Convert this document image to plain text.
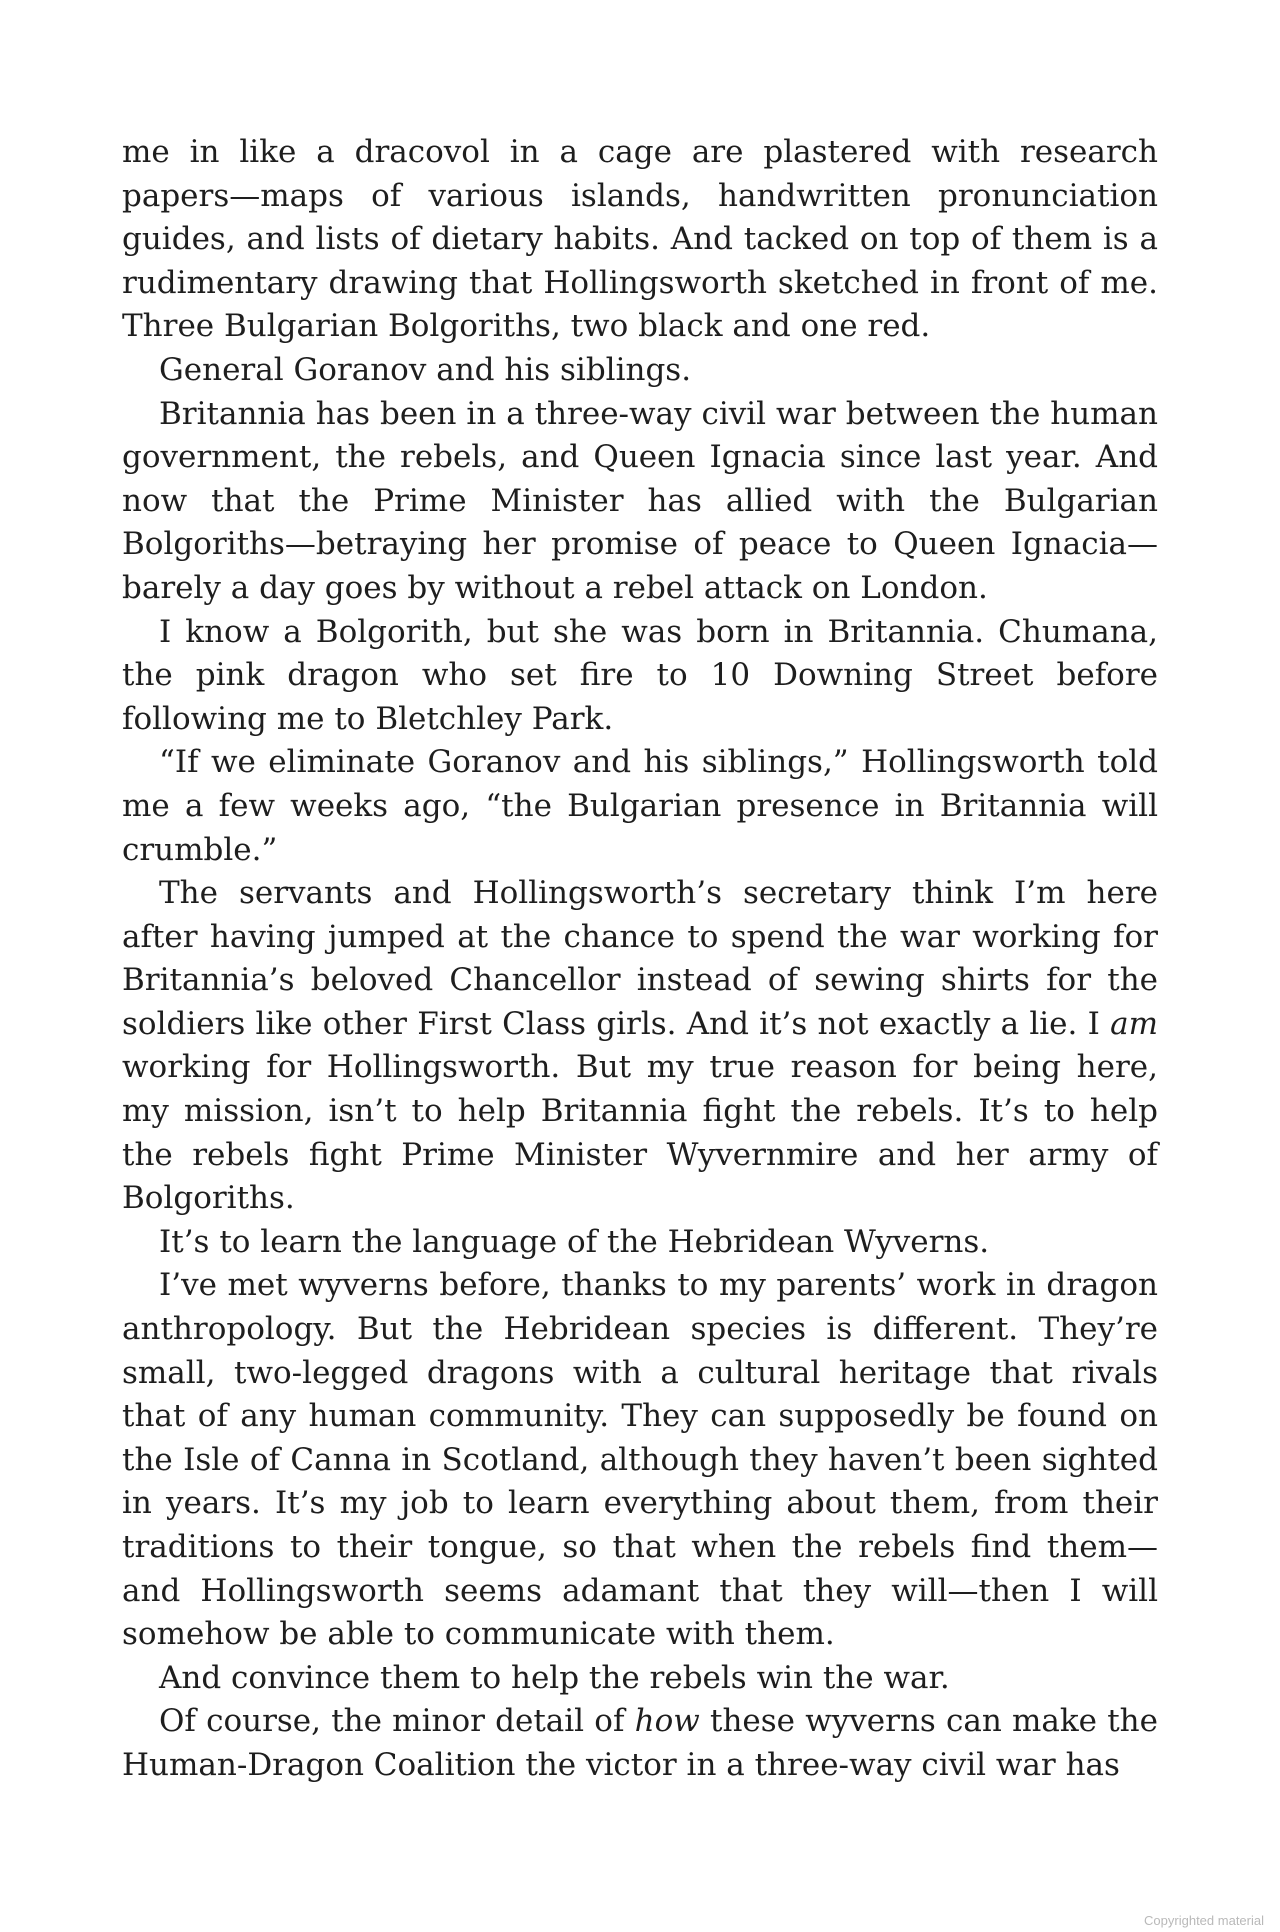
me in like a dracovol in a cage are plastered with research papers—maps of various islands, handwritten pronunciation guides, and lists of dietary habits. And tacked on top of them is a rudimentary drawing that Hollingsworth sketched in front of me. Three Bulgarian Bolgoriths, two black and one red.

General Goranov and his siblings.

Britannia has been in a three-way civil war between the human government, the rebels, and Queen Ignacia since last year. And now that the Prime Minister has allied with the Bulgarian Bolgoriths—betraying her promise of peace to Queen Ignacia—barely a day goes by without a rebel attack on London.

I know a Bolgorith, but she was born in Britannia. Chumana, the pink dragon who set fire to 10 Downing Street before following me to Bletchley Park.

“If we eliminate Goranov and his siblings,” Hollingsworth told me a few weeks ago, “the Bulgarian presence in Britannia will crumble.”

The servants and Hollingsworth’s secretary think I’m here after having jumped at the chance to spend the war working for Britannia’s beloved Chancellor instead of sewing shirts for the soldiers like other First Class girls. And it’s not exactly a lie. I am working for Hollingsworth. But my true reason for being here, my mission, isn’t to help Britannia fight the rebels. It’s to help the rebels fight Prime Minister Wyvernmire and her army of Bolgoriths.

It’s to learn the language of the Hebridean Wyverns.

I’ve met wyverns before, thanks to my parents’ work in dragon anthropology. But the Hebridean species is different. They’re small, two-legged dragons with a cultural heritage that rivals that of any human community. They can supposedly be found on the Isle of Canna in Scotland, although they haven’t been sighted in years. It’s my job to learn everything about them, from their traditions to their tongue, so that when the rebels find them—and Hollingsworth seems adamant that they will—then I will somehow be able to communicate with them.

And convince them to help the rebels win the war.

Of course, the minor detail of how these wyverns can make the Human-Dragon Coalition the victor in a three-way civil war has

Copyrighted material
